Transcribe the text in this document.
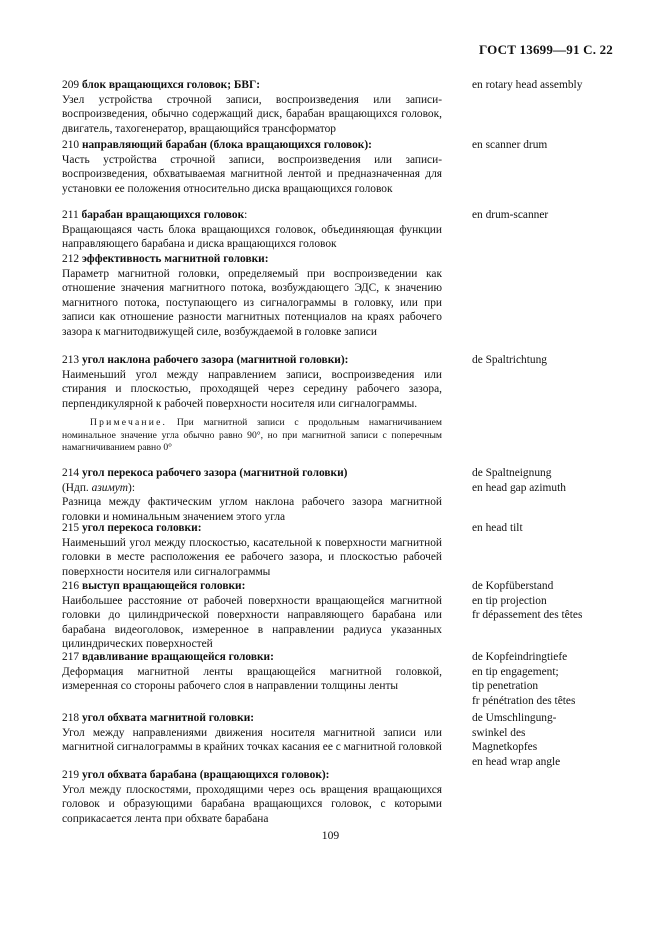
ГОСТ 13699—91 С. 22
209 блок вращающихся головок; БВГ:
Узел устройства строчной записи, воспроизведения или записи-воспроизведения, обычно содержащий диск, барабан вращающихся головок, двигатель, тахогенератор, вращающийся трансформатор
en rotary head assembly
210 направляющий барабан (блока вращающихся головок):
Часть устройства строчной записи, воспроизведения или записи-воспроизведения, обхватываемая магнитной лентой и предназначенная для установки ее положения относительно диска вращающихся головок
en scanner drum
211 барабан вращающихся головок:
Вращающаяся часть блока вращающихся головок, объединяющая функции направляющего барабана и диска вращающихся головок
en drum-scanner
212 эффективность магнитной головки:
Параметр магнитной головки, определяемый при воспроизведении как отношение значения магнитного потока, возбуждающего ЭДС, к значению магнитного потока, поступающего из сигналограммы в головку, или при записи как отношение разности магнитных потенциалов на краях рабочего зазора к магнитодвижущей силе, возбуждаемой в головке записи
213 угол наклона рабочего зазора (магнитной головки):
Наименьший угол между направлением записи, воспроизведения или стирания и плоскостью, проходящей через середину рабочего зазора, перпендикулярной к рабочей поверхности носителя или сигналограммы.
Примечание. При магнитной записи с продольным намагничиванием номинальное значение угла обычно равно 90°, но при магнитной записи с поперечным намагничиванием равно 0°
de Spaltrichtung
214 угол перекоса рабочего зазора (магнитной головки)
(Ндп. азимут):
Разница между фактическим углом наклона рабочего зазора магнитной головки и номинальным значением этого угла
de Spaltneignung
en head gap azimuth
215 угол перекоса головки:
Наименьший угол между плоскостью, касательной к поверхности магнитной головки в месте расположения ее рабочего зазора, и плоскостью рабочей поверхности носителя или сигналограммы
en head tilt
216 выступ вращающейся головки:
Наибольшее расстояние от рабочей поверхности вращающейся магнитной головки до цилиндрической поверхности направляющего барабана или барабана видеоголовок, измеренное в направлении радиуса указанных цилиндрических поверхностей
de Kopfüberstand
en tip projection
fr dépassement des têtes
217 вдавливание вращающейся головки:
Деформация магнитной ленты вращающейся магнитной головкой, измеренная со стороны рабочего слоя в направлении толщины ленты
de Kopfeindringtiefe
en tip engagement;
tip penetration
fr pénétration des têtes
218 угол обхвата магнитной головки:
Угол между направлениями движения носителя магнитной записи или магнитной сигналограммы в крайних точках касания ее с магнитной головкой
de Umschlingung-
swinkel des
Magnetkopfes
en head wrap angle
219 угол обхвата барабана (вращающихся головок):
Угол между плоскостями, проходящими через ось вращения вращающихся головок и образующими барабана вращающихся головок, с которыми соприкасается лента при обхвате барабана
109
